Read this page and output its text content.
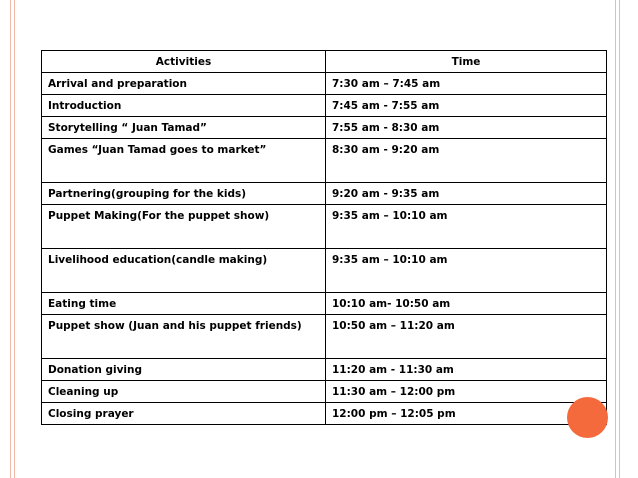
Activities	Time
Arrival and preparation	7:30 am – 7:45 am
Introduction	7:45 am - 7:55 am
Storytelling “ Juan Tamad”	7:55 am - 8:30 am
Games “Juan Tamad goes to market”	8:30 am - 9:20 am
Partnering(grouping for the kids)	9:20 am - 9:35 am
Puppet Making(For the puppet show)	9:35 am – 10:10 am
Livelihood education(candle making)	9:35 am – 10:10 am
Eating time	10:10 am- 10:50 am
Puppet show (Juan and his puppet friends)	10:50 am – 11:20 am
Donation giving	11:20 am - 11:30 am
Cleaning up	11:30 am – 12:00 pm
Closing prayer	12:00 pm – 12:05 pm
